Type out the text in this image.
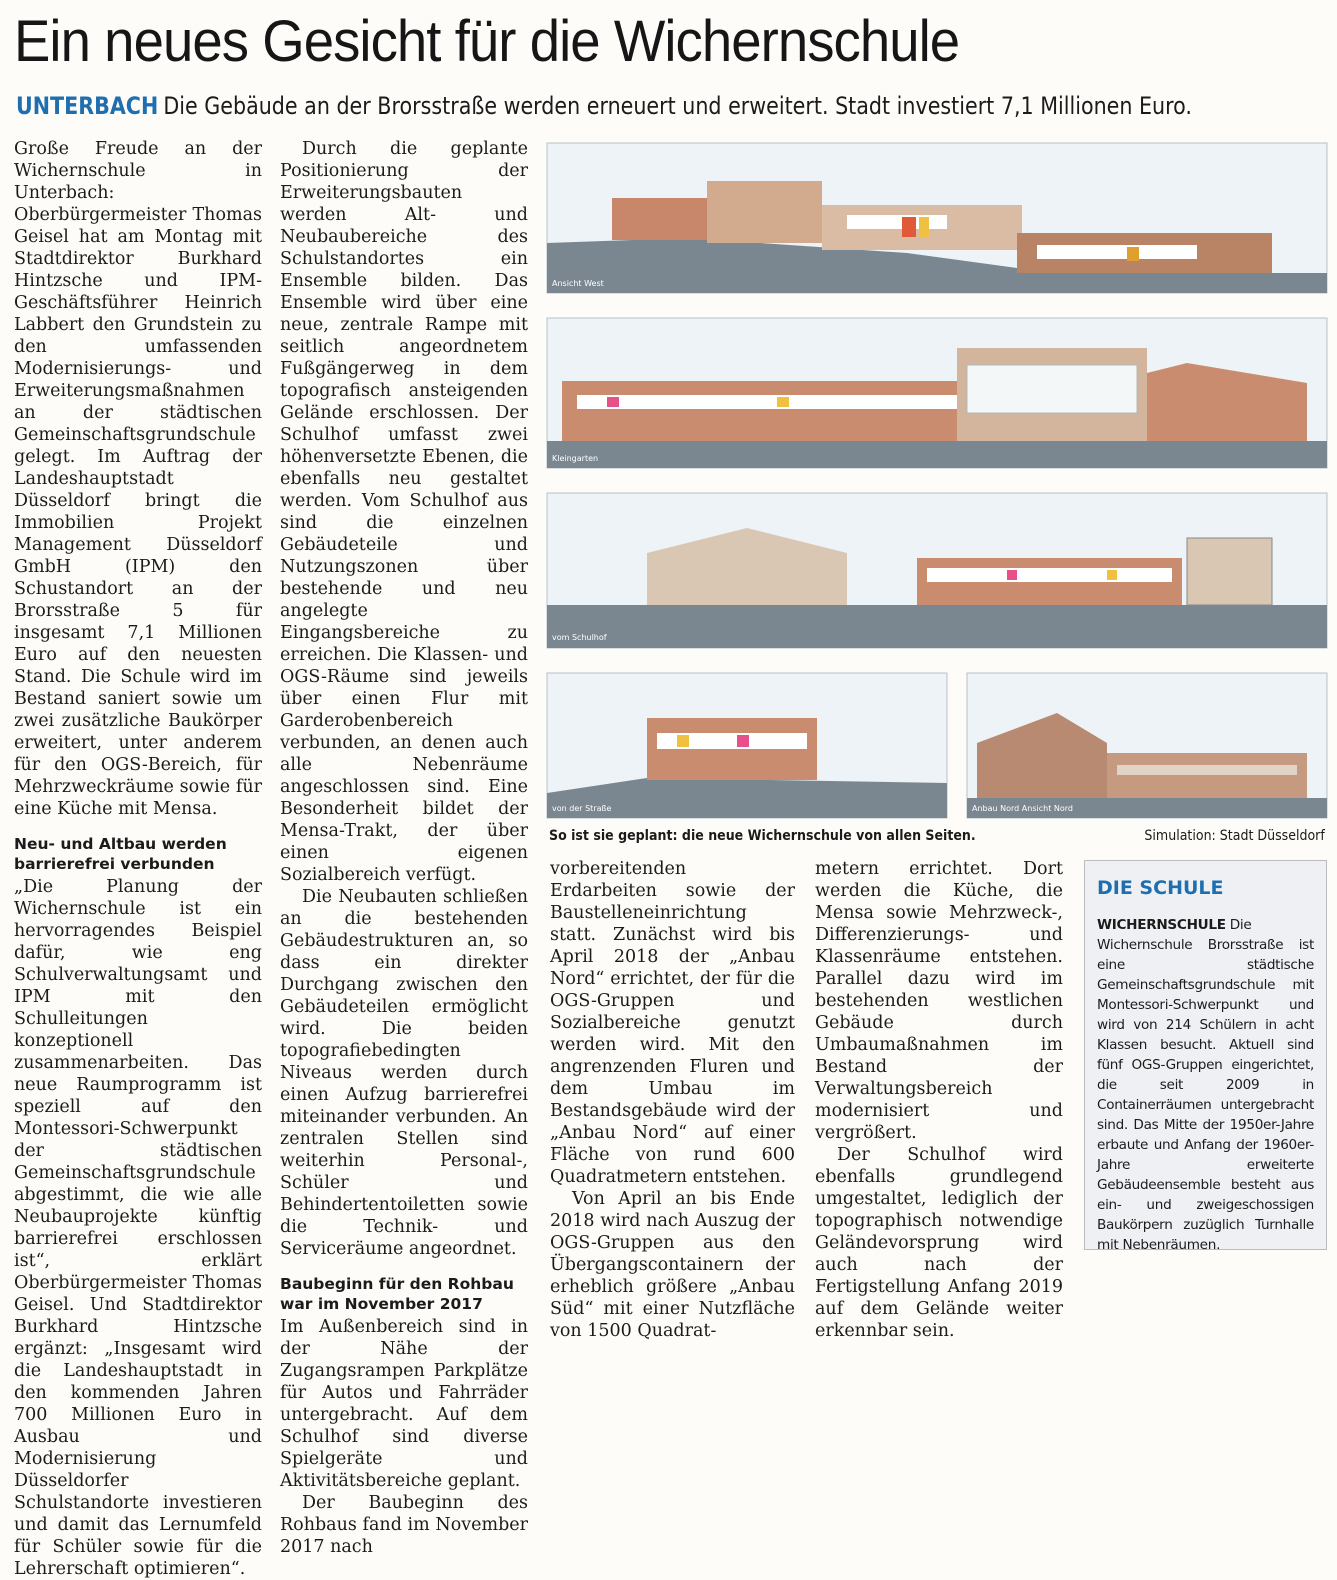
Ein neues Gesicht für die Wichernschule
UNTERBACH Die Gebäude an der Brorsstraße werden erneuert und erweitert. Stadt investiert 7,1 Millionen Euro.

Große Freude an der Wichernschule in Unterbach: Oberbürgermeister Thomas Geisel hat am Montag mit Stadtdirektor Burkhard Hintzsche und IPM-Geschäftsführer Heinrich Labbert den Grundstein zu den umfassenden Modernisierungs- und Erweiterungsmaßnahmen an der städtischen Gemeinschaftsgrundschule gelegt. Im Auftrag der Landeshauptstadt Düsseldorf bringt die Immobilien Projekt Management Düsseldorf GmbH (IPM) den Schustandort an der Brorsstraße 5 für insgesamt 7,1 Millionen Euro auf den neuesten Stand. Die Schule wird im Bestand saniert sowie um zwei zusätzliche Baukörper erweitert, unter anderem für den OGS-Bereich, für Mehrzweckräume sowie für eine Küche mit Mensa.

Neu- und Altbau werden barrierefrei verbunden

„Die Planung der Wichernschule ist ein hervorragendes Beispiel dafür, wie eng Schulverwaltungsamt und IPM mit den Schulleitungen konzeptionell zusammenarbeiten. Das neue Raumprogramm ist speziell auf den Montessori-Schwerpunkt der städtischen Gemeinschaftsgrundschule abgestimmt, die wie alle Neubauprojekte künftig barrierefrei erschlossen ist“, erklärt Oberbürgermeister Thomas Geisel. Und Stadtdirektor Burkhard Hintzsche ergänzt: „Insgesamt wird die Landeshauptstadt in den kommenden Jahren 700 Millionen Euro in Ausbau und Modernisierung Düsseldorfer Schulstandorte investieren und damit das Lernumfeld für Schüler sowie für die Lehrerschaft optimieren“.

Durch die geplante Positionierung der Erweiterungsbauten werden Alt- und Neubaubereiche des Schulstandortes ein Ensemble bilden. Das Ensemble wird über eine neue, zentrale Rampe mit seitlich angeordnetem Fußgängerweg in dem topografisch ansteigenden Gelände erschlossen. Der Schulhof umfasst zwei höhenversetzte Ebenen, die ebenfalls neu gestaltet werden. Vom Schulhof aus sind die einzelnen Gebäudeteile und Nutzungszonen über bestehende und neu angelegte Eingangsbereiche zu erreichen. Die Klassen- und OGS-Räume sind jeweils über einen Flur mit Garderobenbereich verbunden, an denen auch alle Nebenräume angeschlossen sind. Eine Besonderheit bildet der Mensa-Trakt, der über einen eigenen Sozialbereich verfügt.

Die Neubauten schließen an die bestehenden Gebäudestrukturen an, so dass ein direkter Durchgang zwischen den Gebäudeteilen ermöglicht wird. Die beiden topografiebedingten Niveaus werden durch einen Aufzug barrierefrei miteinander verbunden. An zentralen Stellen sind weiterhin Personal-, Schüler und Behindertentoiletten sowie die Technik- und Serviceräume angeordnet.

Baubeginn für den Rohbau war im November 2017

Im Außenbereich sind in der Nähe der Zugangsrampen Parkplätze für Autos und Fahrräder untergebracht. Auf dem Schulhof sind diverse Spielgeräte und Aktivitätsbereiche geplant.

Der Baubeginn des Rohbaus fand im November 2017 nach

Ansicht West
Kleingarten
vom Schulhof
von der Straße	Anbau Nord Ansicht Nord
So ist sie geplant: die neue Wichernschule von allen Seiten.	Simulation: Stadt Düsseldorf

vorbereitenden Erdarbeiten sowie der Baustelleneinrichtung statt. Zunächst wird bis April 2018 der „Anbau Nord“ errichtet, der für die OGS-Gruppen und Sozialbereiche genutzt werden wird. Mit den angrenzenden Fluren und dem Umbau im Bestandsgebäude wird der „Anbau Nord“ auf einer Fläche von rund 600 Quadratmetern entstehen.

Von April an bis Ende 2018 wird nach Auszug der OGS-Gruppen aus den Übergangscontainern der erheblich größere „Anbau Süd“ mit einer Nutzfläche von 1500 Quadrat-

metern errichtet. Dort werden die Küche, die Mensa sowie Mehrzweck-, Differenzierungs- und Klassenräume entstehen. Parallel dazu wird im bestehenden westlichen Gebäude durch Umbaumaßnahmen im Bestand der Verwaltungsbereich modernisiert und vergrößert.

Der Schulhof wird ebenfalls grundlegend umgestaltet, lediglich der topographisch notwendige Geländevorsprung wird auch nach der Fertigstellung Anfang 2019 auf dem Gelände weiter erkennbar sein.

DIE SCHULE

WICHERNSCHULE Die Wichernschule Brorsstraße ist eine städtische Gemeinschaftsgrundschule mit Montessori-Schwerpunkt und wird von 214 Schülern in acht Klassen besucht. Aktuell sind fünf OGS-Gruppen eingerichtet, die seit 2009 in Containerräumen untergebracht sind. Das Mitte der 1950er-Jahre erbaute und Anfang der 1960er-Jahre erweiterte Gebäudeensemble besteht aus ein- und zweigeschossigen Baukörpern zuzüglich Turnhalle mit Nebenräumen.
